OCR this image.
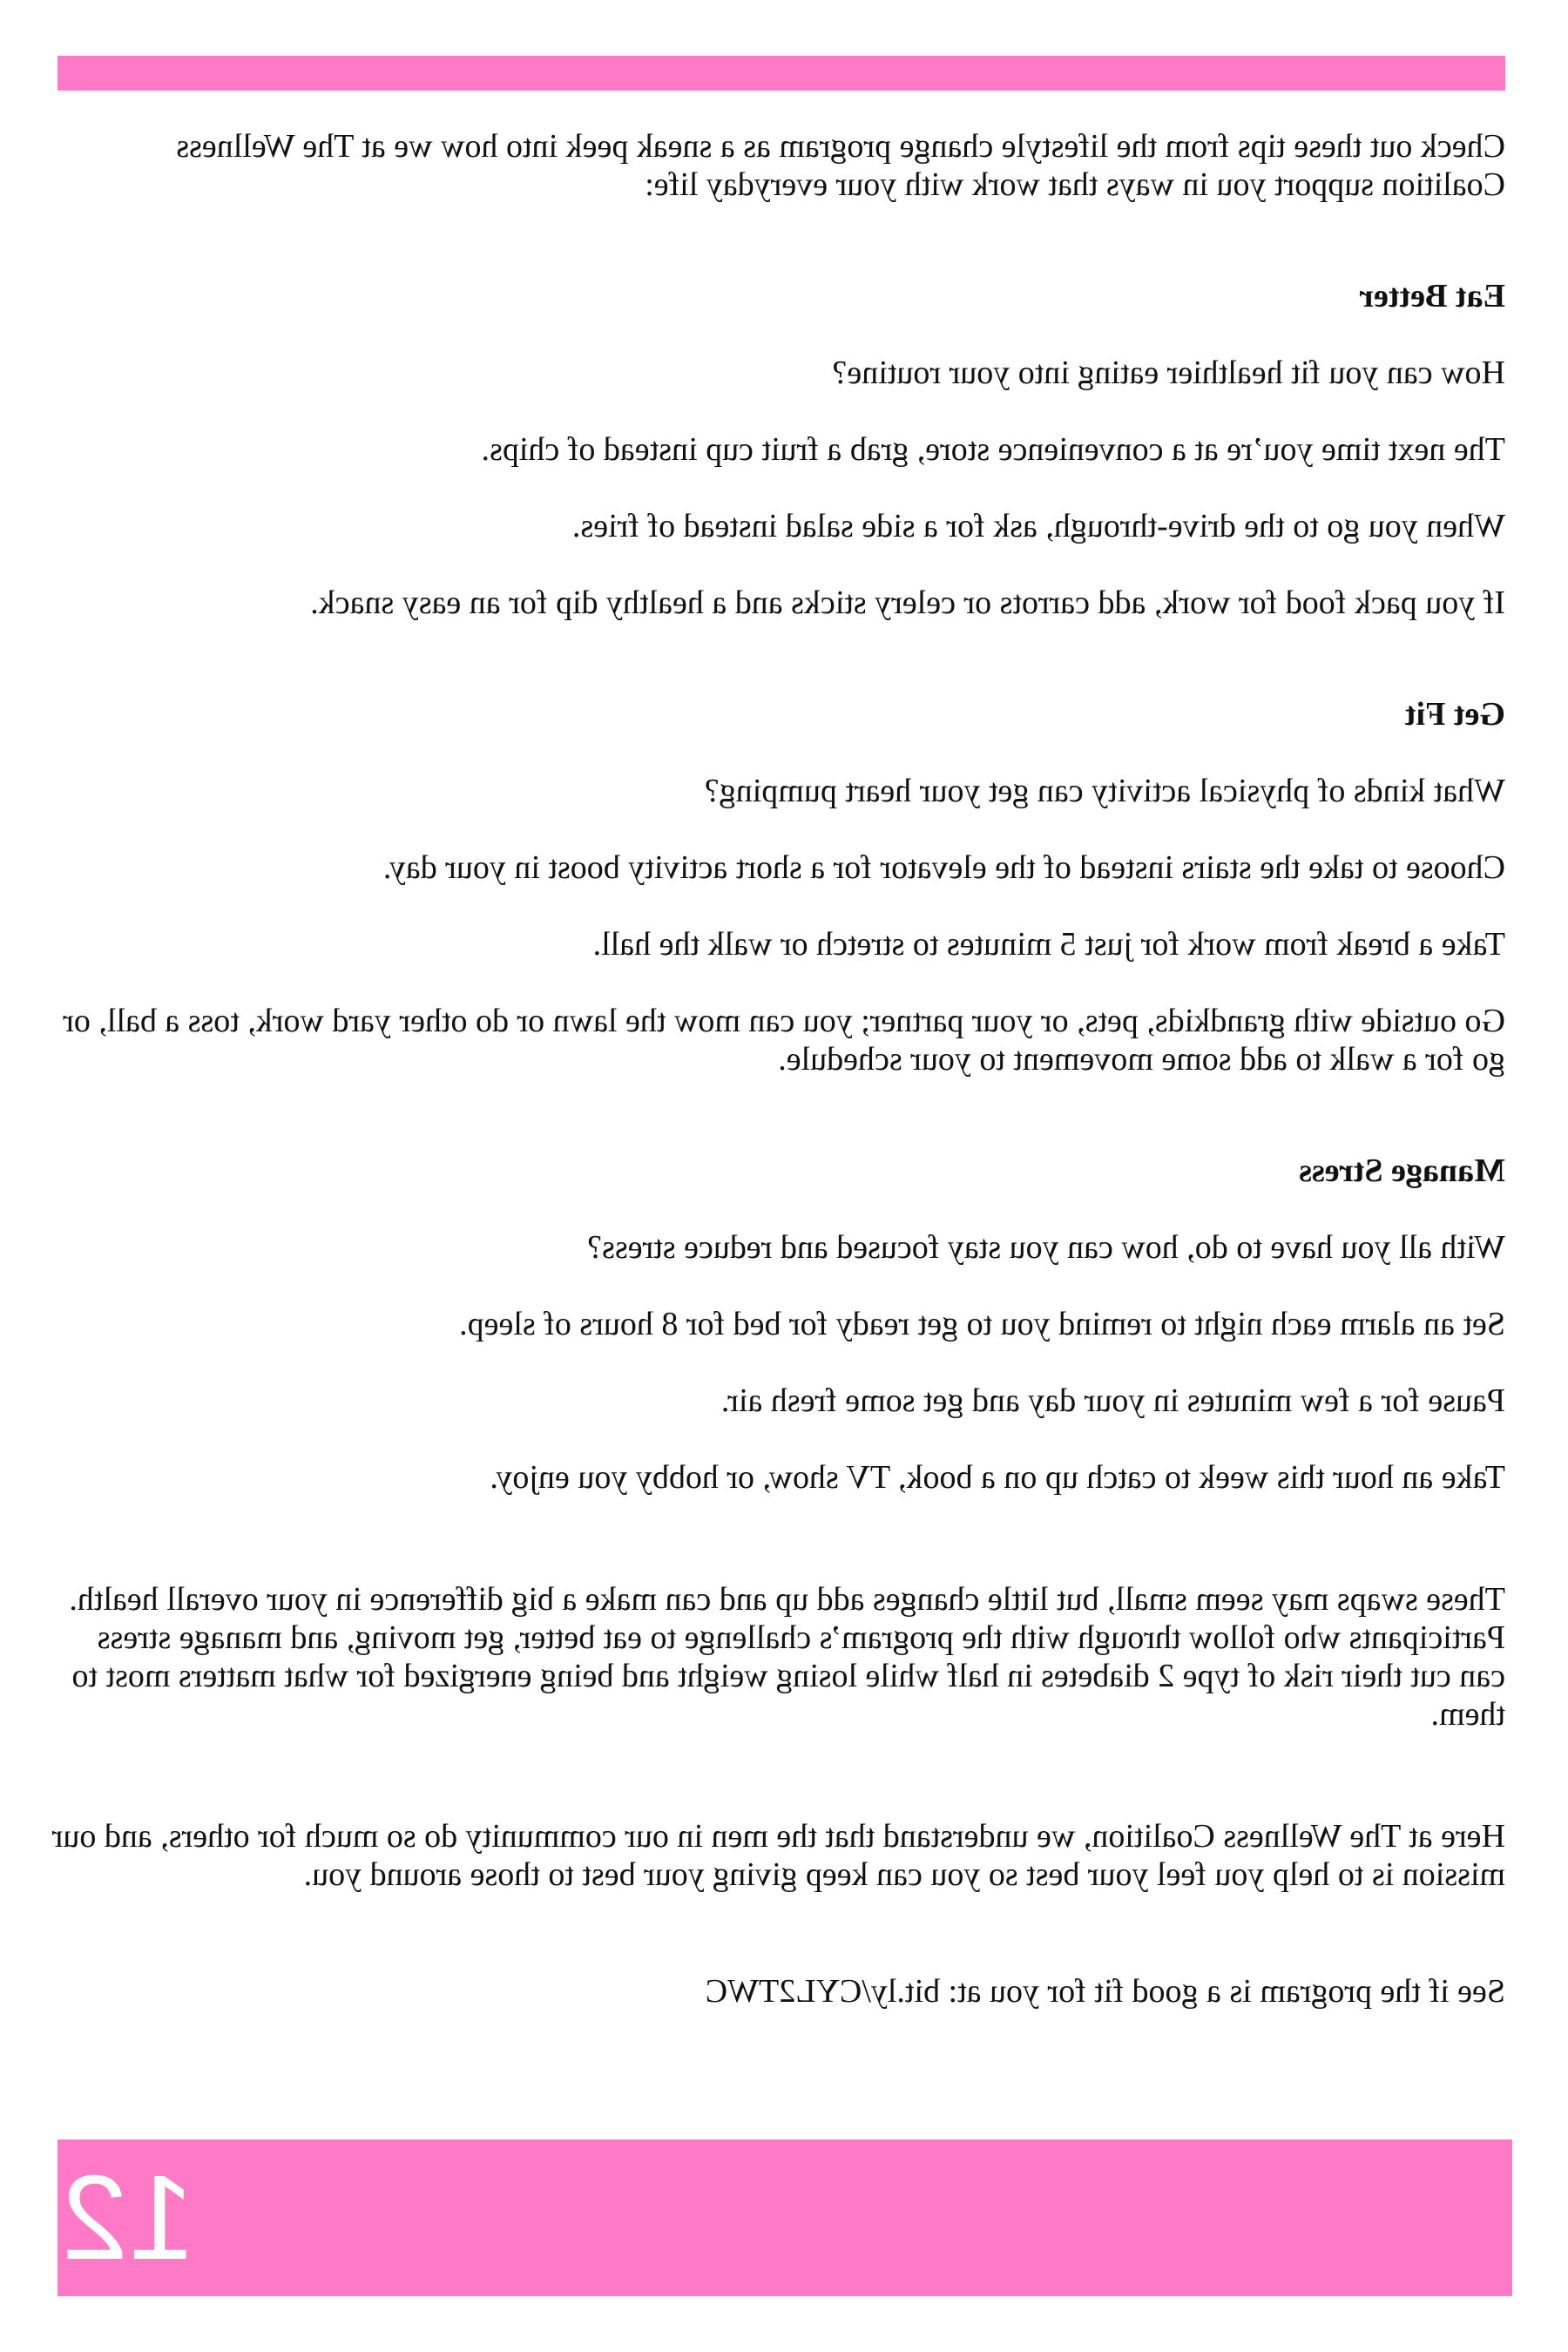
Check out these tips from the lifestyle change program as a sneak peek into how we at The Wellness Coalition support you in ways that work with your everyday life:

Eat Better

How can you fit healthier eating into your routine?

The next time you’re at a convenience store, grab a fruit cup instead of chips.

When you go to the drive-through, ask for a side salad instead of fries.

If you pack food for work, add carrots or celery sticks and a healthy dip for an easy snack.

Get Fit

What kinds of physical activity can get your heart pumping?

Choose to take the stairs instead of the elevator for a short activity boost in your day.

Take a break from work for just 5 minutes to stretch or walk the hall.

Go outside with grandkids, pets, or your partner; you can mow the lawn or do other yard work, toss a ball, or go for a walk to add some movement to your schedule.

Manage Stress

With all you have to do, how can you stay focused and reduce stress?

Set an alarm each night to remind you to get ready for bed for 8 hours of sleep.

Pause for a few minutes in your day and get some fresh air.

Take an hour this week to catch up on a book, TV show, or hobby you enjoy.

These swaps may seem small, but little changes add up and can make a big difference in your overall health. Participants who follow through with the program’s challenge to eat better, get moving, and manage stress can cut their risk of type 2 diabetes in half while losing weight and being energized for what matters most to them.

Here at The Wellness Coalition, we understand that the men in our community do so much for others, and our mission is to help you feel your best so you can keep giving your best to those around you.

See if the program is a good fit for you at: bit.ly/CYL2TWC

12
